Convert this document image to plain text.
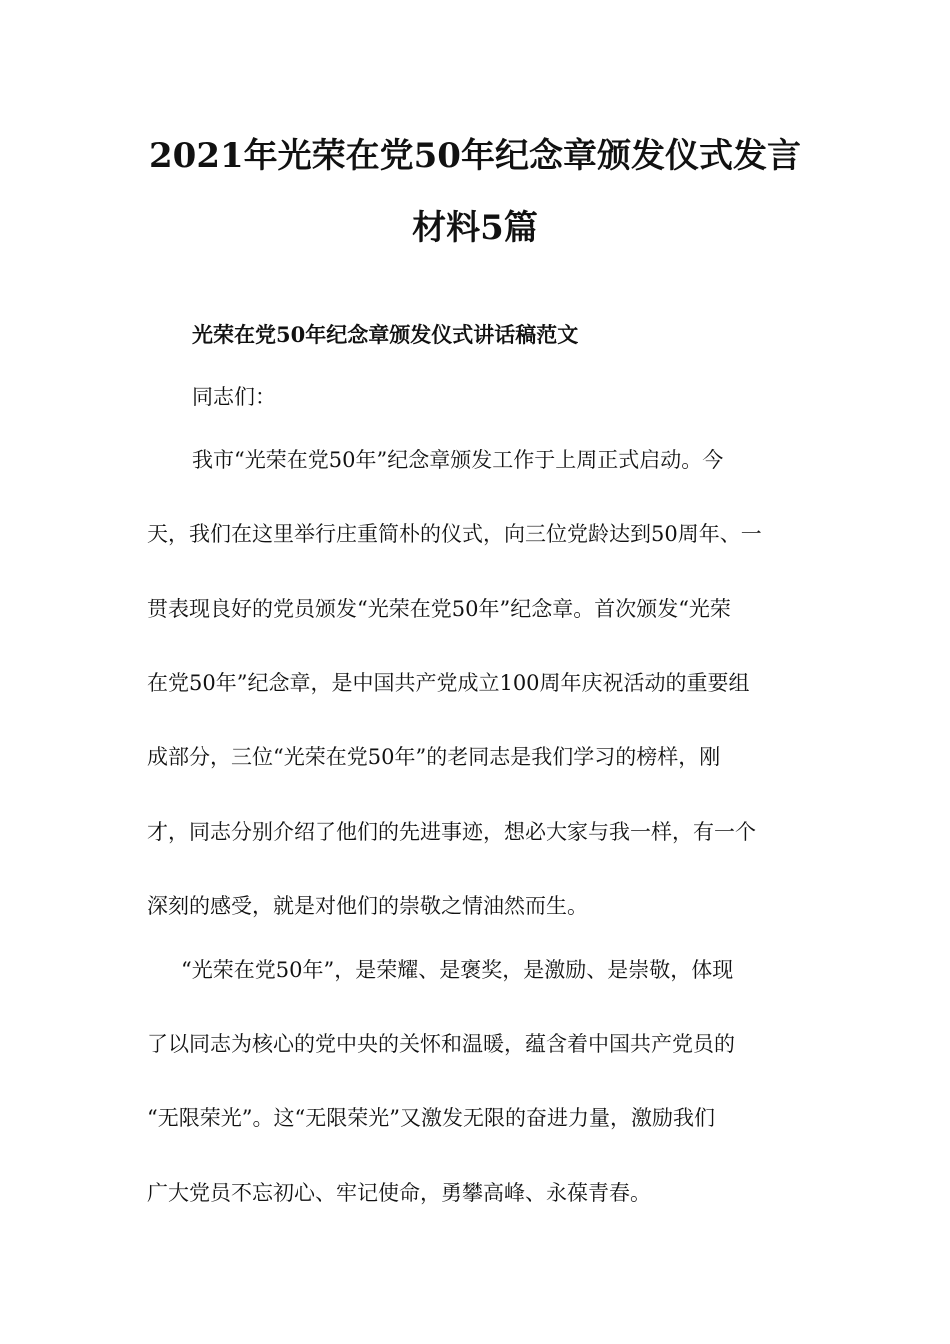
2021年光荣在党50年纪念章颁发仪式发言
材料5篇
光荣在党50年纪念章颁发仪式讲话稿范文
同志们：
我市“光荣在党50年”纪念章颁发工作于上周正式启动。今
天，我们在这里举行庄重简朴的仪式，向三位党龄达到50周年、一
贯表现良好的党员颁发“光荣在党50年”纪念章。首次颁发“光荣
在党50年”纪念章，是中国共产党成立100周年庆祝活动的重要组
成部分，三位“光荣在党50年”的老同志是我们学习的榜样，刚
才，同志分别介绍了他们的先进事迹，想必大家与我一样，有一个
深刻的感受，就是对他们的崇敬之情油然而生。
“光荣在党50年”，是荣耀、是褒奖，是激励、是崇敬，体现
了以同志为核心的党中央的关怀和温暖，蕴含着中国共产党员的
“无限荣光”。这“无限荣光”又激发无限的奋进力量，激励我们
广大党员不忘初心、牢记使命，勇攀高峰、永葆青春。
